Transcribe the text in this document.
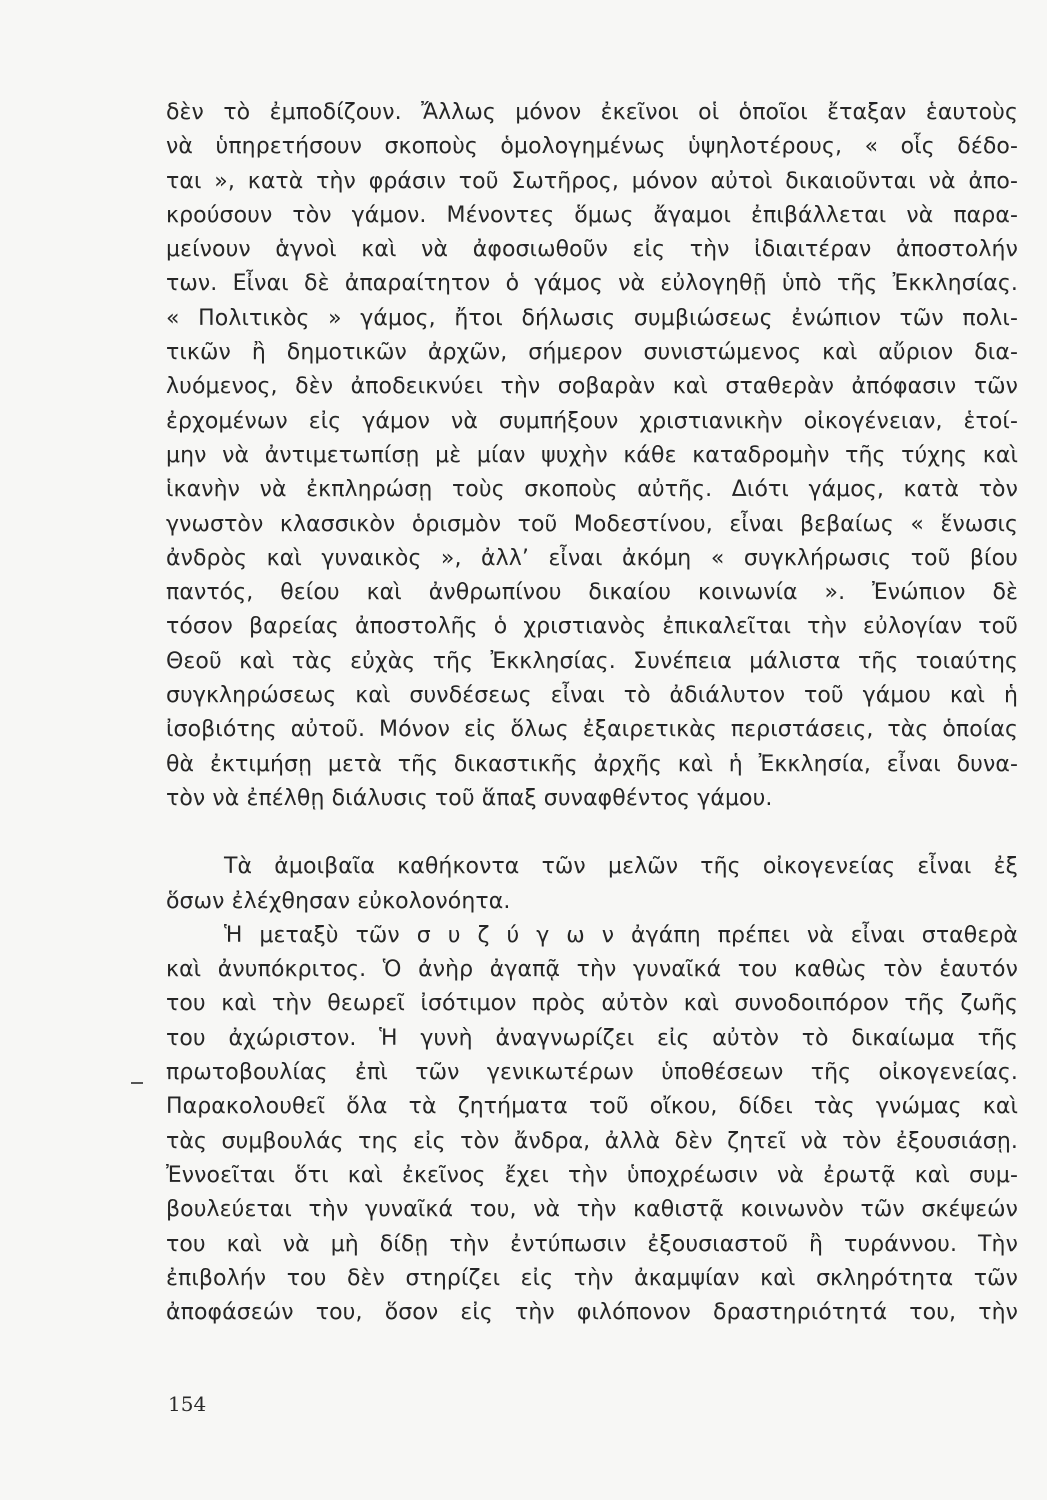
δὲν τὸ ἐμποδίζουν. Ἄλλως μόνον ἐκεῖνοι οἱ ὁποῖοι ἔταξαν ἑαυτοὺς
νὰ ὑπηρετήσουν σκοποὺς ὁμολογημένως ὑψηλοτέρους, « οἷς δέδο-
ται », κατὰ τὴν φράσιν τοῦ Σωτῆρος, μόνον αὐτοὶ δικαιοῦνται νὰ ἀπο-
κρούσουν τὸν γάμον. Μένοντες ὅμως ἄγαμοι ἐπιβάλλεται νὰ παρα-
μείνουν ἁγνοὶ καὶ νὰ ἀφοσιωθοῦν εἰς τὴν ἰδιαιτέραν ἀποστολήν
των. Εἶναι δὲ ἀπαραίτητον ὁ γάμος νὰ εὐλογηθῇ ὑπὸ τῆς Ἐκκλησίας.
« Πολιτικὸς » γάμος, ἤτοι δήλωσις συμβιώσεως ἐνώπιον τῶν πολι-
τικῶν ἢ δημοτικῶν ἀρχῶν, σήμερον συνιστώμενος καὶ αὔριον δια-
λυόμενος, δὲν ἀποδεικνύει τὴν σοβαρὰν καὶ σταθερὰν ἀπόφασιν τῶν
ἐρχομένων εἰς γάμον νὰ συμπήξουν χριστιανικὴν οἰκογένειαν, ἑτοί-
μην νὰ ἀντιμετωπίσῃ μὲ μίαν ψυχὴν κάθε καταδρομὴν τῆς τύχης καὶ
ἱκανὴν νὰ ἐκπληρώσῃ τοὺς σκοποὺς αὐτῆς. Διότι γάμος, κατὰ τὸν
γνωστὸν κλασσικὸν ὁρισμὸν τοῦ Μοδεστίνου, εἶναι βεβαίως « ἕνωσις
ἀνδρὸς καὶ γυναικὸς », ἀλλ’ εἶναι ἀκόμη « συγκλήρωσις τοῦ βίου
παντός, θείου καὶ ἀνθρωπίνου δικαίου κοινωνία ». Ἐνώπιον δὲ
τόσον βαρείας ἀποστολῆς ὁ χριστιανὸς ἐπικαλεῖται τὴν εὐλογίαν τοῦ
Θεοῦ καὶ τὰς εὐχὰς τῆς Ἐκκλησίας. Συνέπεια μάλιστα τῆς τοιαύτης
συγκληρώσεως καὶ συνδέσεως εἶναι τὸ ἀδιάλυτον τοῦ γάμου καὶ ἡ
ἰσοβιότης αὐτοῦ. Μόνον εἰς ὅλως ἐξαιρετικὰς περιστάσεις, τὰς ὁποίας
θὰ ἐκτιμήσῃ μετὰ τῆς δικαστικῆς ἀρχῆς καὶ ἡ Ἐκκλησία, εἶναι δυνα-
τὸν νὰ ἐπέλθῃ διάλυσις τοῦ ἅπαξ συναφθέντος γάμου.
Τὰ ἀμοιβαῖα καθήκοντα τῶν μελῶν τῆς οἰκογενείας εἶναι ἐξ
ὅσων ἐλέχθησαν εὐκολονόητα.
Ἡ μεταξὺ τῶν σ υ ζ ύ γ ω ν ἀγάπη πρέπει νὰ εἶναι σταθερὰ
καὶ ἀνυπόκριτος. Ὁ ἀνὴρ ἀγαπᾷ τὴν γυναῖκά του καθὼς τὸν ἑαυτόν
του καὶ τὴν θεωρεῖ ἰσότιμον πρὸς αὐτὸν καὶ συνοδοιπόρον τῆς ζωῆς
του ἀχώριστον. Ἡ γυνὴ ἀναγνωρίζει εἰς αὐτὸν τὸ δικαίωμα τῆς
πρωτοβουλίας ἐπὶ τῶν γενικωτέρων ὑποθέσεων τῆς οἰκογενείας.
Παρακολουθεῖ ὅλα τὰ ζητήματα τοῦ οἴκου, δίδει τὰς γνώμας καὶ
τὰς συμβουλάς της εἰς τὸν ἄνδρα, ἀλλὰ δὲν ζητεῖ νὰ τὸν ἐξουσιάσῃ.
Ἐννοεῖται ὅτι καὶ ἐκεῖνος ἔχει τὴν ὑποχρέωσιν νὰ ἐρωτᾷ καὶ συμ-
βουλεύεται τὴν γυναῖκά του, νὰ τὴν καθιστᾷ κοινωνὸν τῶν σκέψεών
του καὶ νὰ μὴ δίδῃ τὴν ἐντύπωσιν ἐξουσιαστοῦ ἢ τυράννου. Τὴν
ἐπιβολήν του δὲν στηρίζει εἰς τὴν ἀκαμψίαν καὶ σκληρότητα τῶν
ἀποφάσεών του, ὅσον εἰς τὴν φιλόπονον δραστηριότητά του, τὴν
154
